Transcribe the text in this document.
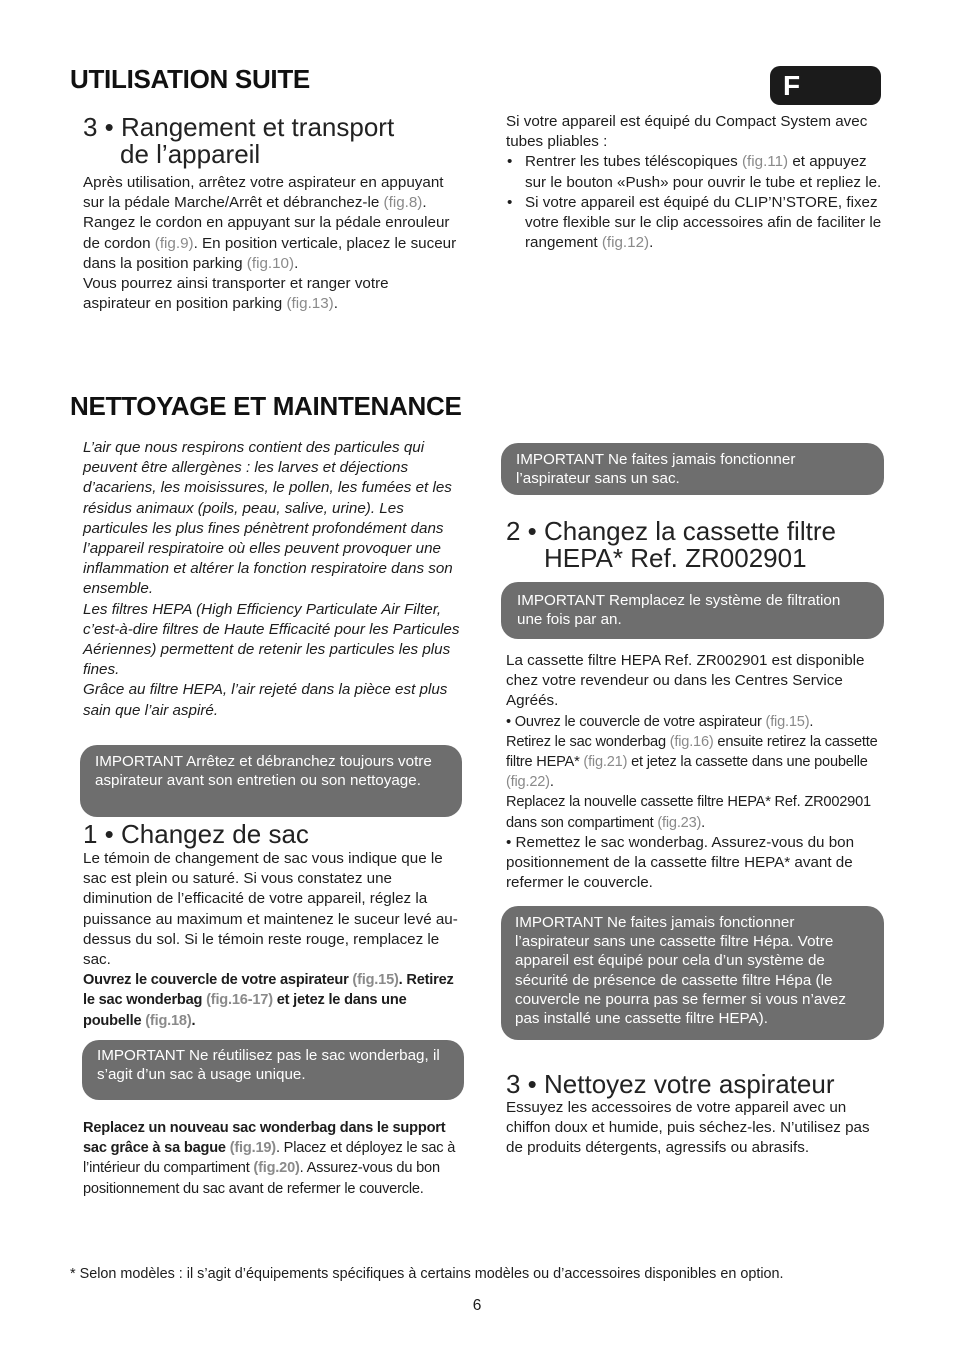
UTILISATION SUITE	F
3 • Rangement et transport
de l’appareil

Après utilisation, arrêtez votre aspirateur en appuyant sur la pédale Marche/Arrêt et débranchez-le (fig.8). Rangez le cordon en appuyant sur la pédale enrouleur de cordon (fig.9). En position verticale, placez le suceur dans la position parking (fig.10).

Vous pourrez ainsi transporter et ranger votre aspirateur en position parking (fig.13).

Si votre appareil est équipé du Compact System avec tubes pliables :

• Rentrer les tubes téléscopiques (fig.11) et appuyez sur le bouton «Push» pour ouvrir le tube et repliez le.
• Si votre appareil est équipé du CLIP’N’STORE, fixez votre flexible sur le clip accessoires afin de faciliter le rangement (fig.12).
NETTOYAGE ET MAINTENANCE

L’air que nous respirons contient des particules qui peuvent être allergènes : les larves et déjections d’acariens, les moisissures, le pollen, les fumées et les résidus animaux (poils, peau, salive, urine). Les particules les plus fines pénètrent profondément dans l’appareil respiratoire où elles peuvent provoquer une inflammation et altérer la fonction respiratoire dans son ensemble.

Les filtres HEPA (High Efficiency Particulate Air Filter, c’est-à-dire filtres de Haute Efficacité pour les Particules Aériennes) permettent de retenir les particules les plus fines.

Grâce au filtre HEPA, l’air rejeté dans la pièce est plus sain que l’air aspiré.

IMPORTANT Arrêtez et débranchez toujours votre aspirateur avant son entretien ou son nettoyage.
IMPORTANT Ne faites jamais fonctionner l’aspirateur sans un sac.
1 • Changez de sac

Le témoin de changement de sac vous indique que le sac est plein ou saturé. Si vous constatez une diminution de l’efficacité de votre appareil, réglez la puissance au maximum et maintenez le suceur levé au-dessus du sol. Si le témoin reste rouge, remplacez le sac.

Ouvrez le couvercle de votre aspirateur (fig.15). Retirez le sac wonderbag (fig.16-17) et jetez le dans une poubelle (fig.18).

IMPORTANT Ne réutilisez pas le sac wonderbag, il s’agit d’un sac à usage unique.

Replacez un nouveau sac wonderbag dans le support sac grâce à sa bague (fig.19). Placez et déployez le sac à l’intérieur du compartiment (fig.20). Assurez-vous du bon positionnement du sac avant de refermer le couvercle.

2 • Changez la cassette filtre
HEPA* Ref. ZR002901
IMPORTANT Remplacez le système de filtration une fois par an.

La cassette filtre HEPA Ref. ZR002901 est disponible chez votre revendeur ou dans les Centres Service Agréés.

• Ouvrez le couvercle de votre aspirateur (fig.15).
Retirez le sac wonderbag (fig.16) ensuite retirez la cassette filtre HEPA* (fig.21) et jetez la cassette dans une poubelle (fig.22).
Replacez la nouvelle cassette filtre HEPA* Ref. ZR002901 dans son compartiment (fig.23).

• Remettez le sac wonderbag. Assurez-vous du bon positionnement de la cassette filtre HEPA* avant de refermer le couvercle.

IMPORTANT Ne faites jamais fonctionner l’aspirateur sans une cassette filtre Hépa. Votre appareil est équipé pour cela d’un système de sécurité de présence de cassette filtre Hépa (le couvercle ne pourra pas se fermer si vous n’avez pas installé une cassette filtre HEPA).
3 • Nettoyez votre aspirateur

Essuyez les accessoires de votre appareil avec un chiffon doux et humide, puis séchez-les. N’utilisez pas de produits détergents, agressifs ou abrasifs.

* Selon modèles : il s’agit d’équipements spécifiques à certains modèles ou d’accessoires disponibles en option.
6
